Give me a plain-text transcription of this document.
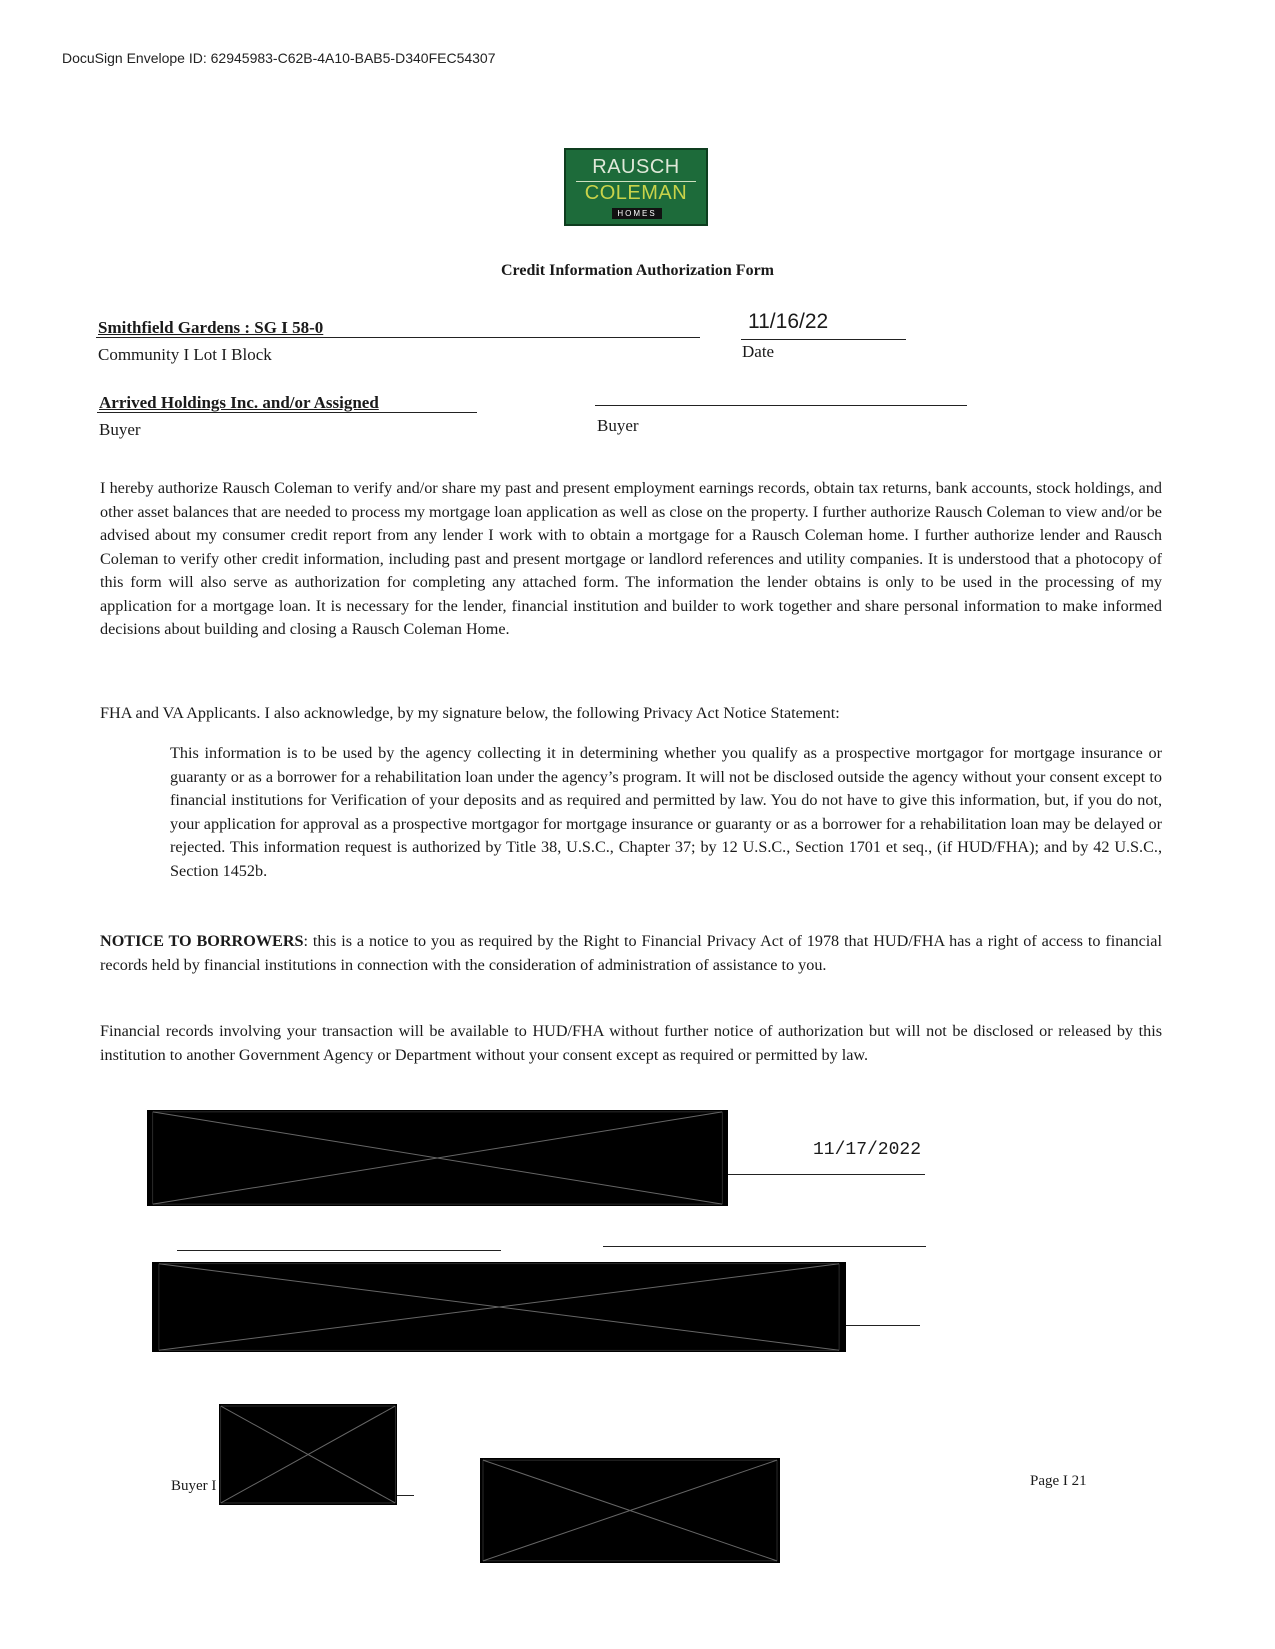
DocuSign Envelope ID: 62945983-C62B-4A10-BAB5-D340FEC54307
RAUSCH
COLEMAN
HOMES
Credit Information Authorization Form
Smithfield Gardens : SG I 58-0
Community I Lot I Block
11/16/22
Date
Arrived Holdings Inc. and/or Assigned
Buyer	Buyer

I hereby authorize Rausch Coleman to verify and/or share my past and present employment earnings records, obtain tax returns, bank accounts, stock holdings, and other asset balances that are needed to process my mortgage loan application as well as close on the property. I further authorize Rausch Coleman to view and/or be advised about my consumer credit report from any lender I work with to obtain a mortgage for a Rausch Coleman home. I further authorize lender and Rausch Coleman to verify other credit information, including past and present mortgage or landlord references and utility companies. It is understood that a photocopy of this form will also serve as authorization for completing any attached form. The information the lender obtains is only to be used in the processing of my application for a mortgage loan. It is necessary for the lender, financial institution and builder to work together and share personal information to make informed decisions about building and closing a Rausch Coleman Home.

FHA and VA Applicants. I also acknowledge, by my signature below, the following Privacy Act Notice Statement:

This information is to be used by the agency collecting it in determining whether you qualify as a prospective mortgagor for mortgage insurance or guaranty or as a borrower for a rehabilitation loan under the agency’s program. It will not be disclosed outside the agency without your consent except to financial institutions for Verification of your deposits and as required and permitted by law. You do not have to give this information, but, if you do not, your application for approval as a prospective mortgagor for mortgage insurance or guaranty or as a borrower for a rehabilitation loan may be delayed or rejected. This information request is authorized by Title 38, U.S.C., Chapter 37; by 12 U.S.C., Section 1701 et seq., (if HUD/FHA); and by 42 U.S.C., Section 1452b.

NOTICE TO BORROWERS: this is a notice to you as required by the Right to Financial Privacy Act of 1978 that HUD/FHA has a right of access to financial records held by financial institutions in connection with the consideration of administration of assistance to you.

Financial records involving your transaction will be available to HUD/FHA without further notice of authorization but will not be disclosed or released by this institution to another Government Agency or Department without your consent except as required or permitted by law.

11/17/2022
Buyer I	Page I 21
